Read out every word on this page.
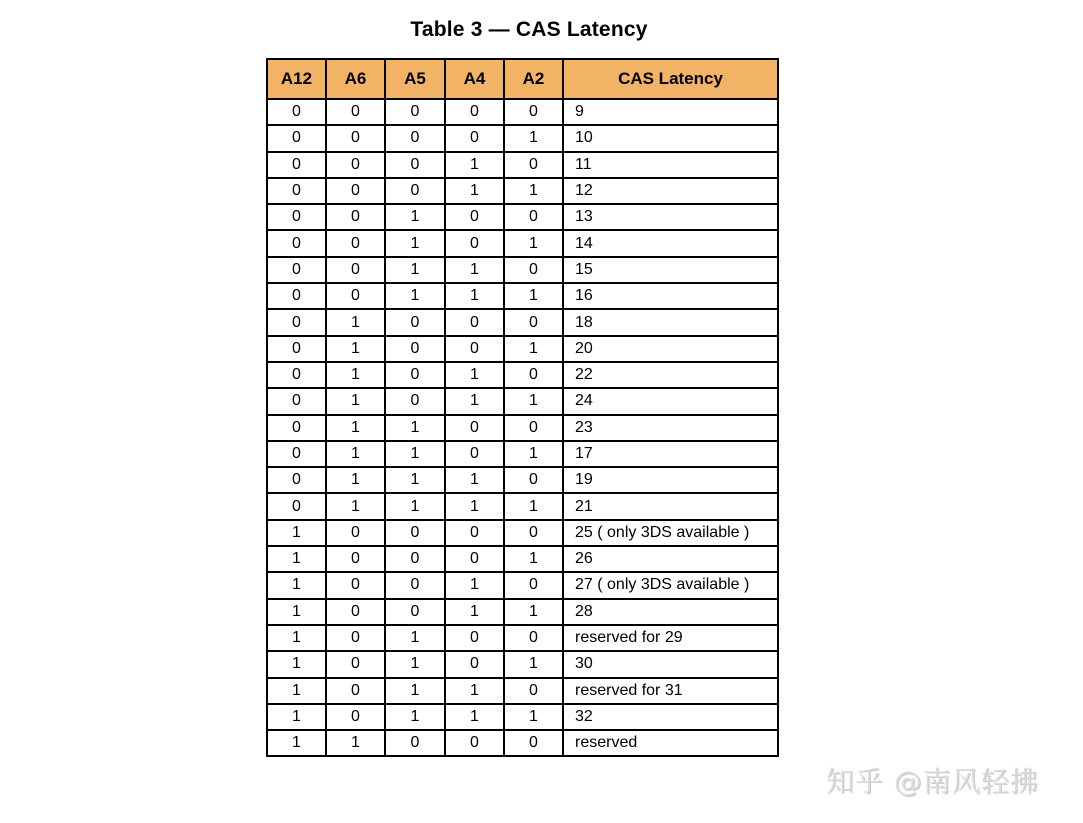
Table 3 — CAS Latency
A12	A6	A5	A4	A2	CAS Latency
0	0	0	0	0	9
0	0	0	0	1	10
0	0	0	1	0	11
0	0	0	1	1	12
0	0	1	0	0	13
0	0	1	0	1	14
0	0	1	1	0	15
0	0	1	1	1	16
0	1	0	0	0	18
0	1	0	0	1	20
0	1	0	1	0	22
0	1	0	1	1	24
0	1	1	0	0	23
0	1	1	0	1	17
0	1	1	1	0	19
0	1	1	1	1	21
1	0	0	0	0	25 ( only 3DS available )
1	0	0	0	1	26
1	0	0	1	0	27 ( only 3DS available )
1	0	0	1	1	28
1	0	1	0	0	reserved for 29
1	0	1	0	1	30
1	0	1	1	0	reserved for 31
1	0	1	1	1	32
1	1	0	0	0	reserved
知乎 @南风轻拂
